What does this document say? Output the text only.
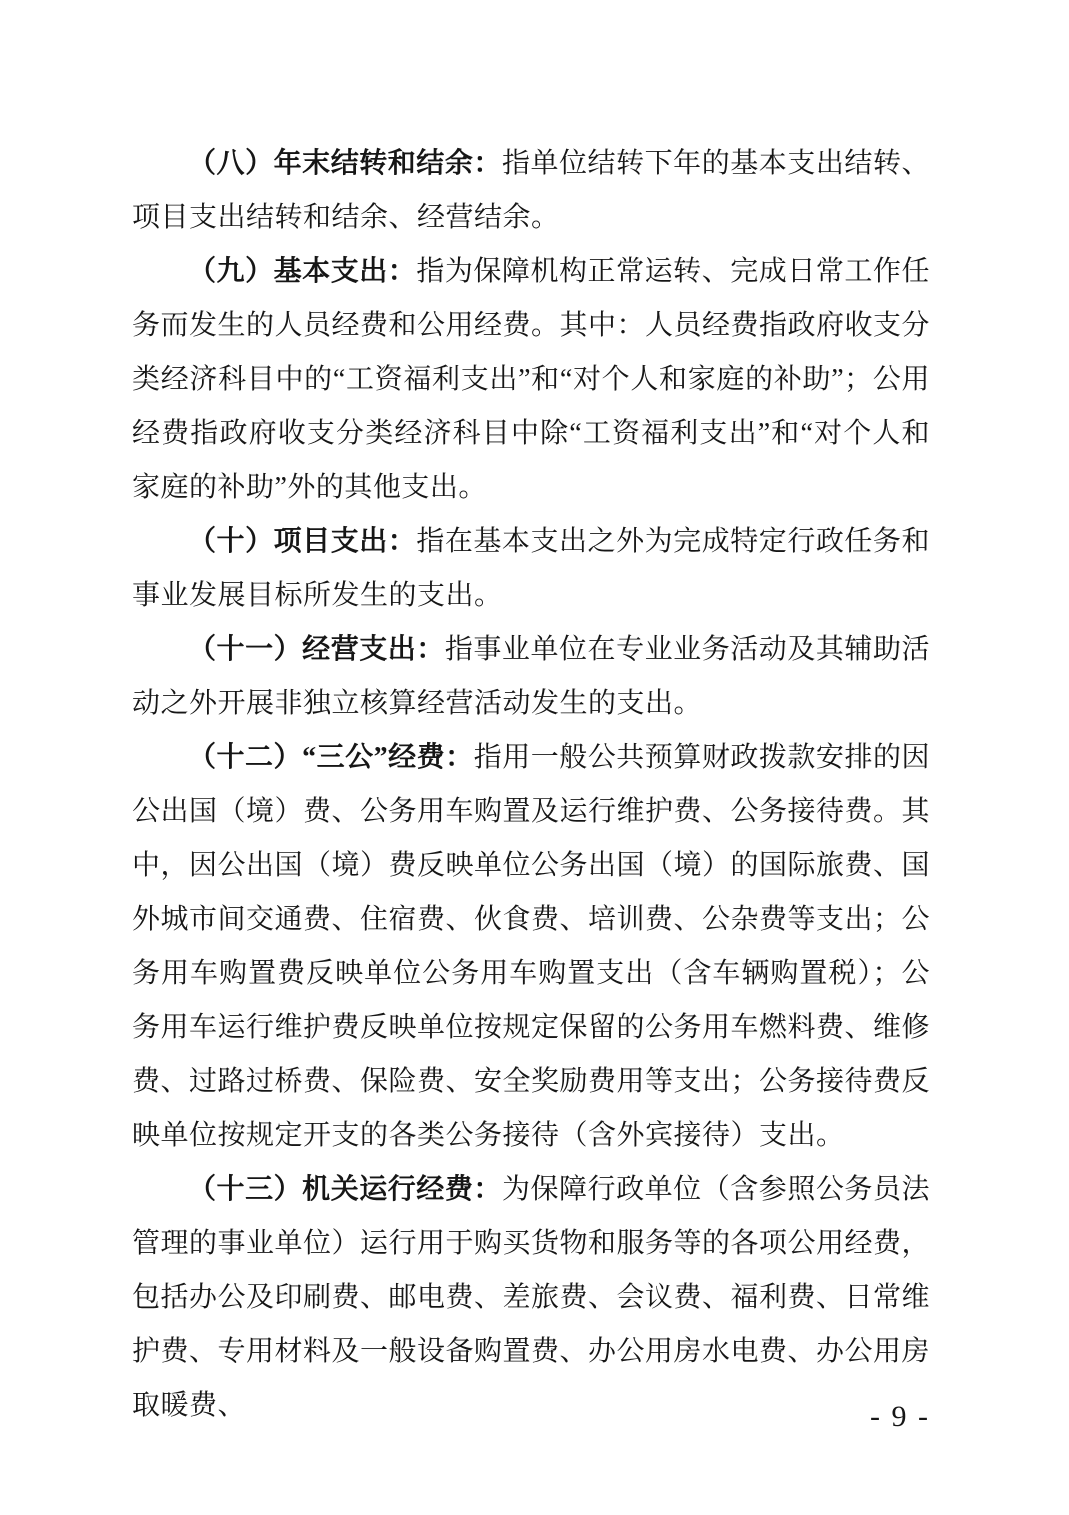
（八）年末结转和结余：指单位结转下年的基本支出结转、项目支出结转和结余、经营结余。

（九）基本支出：指为保障机构正常运转、完成日常工作任务而发生的人员经费和公用经费。其中：人员经费指政府收支分类经济科目中的“工资福利支出”和“对个人和家庭的补助”；公用经费指政府收支分类经济科目中除“工资福利支出”和“对个人和家庭的补助”外的其他支出。

（十）项目支出：指在基本支出之外为完成特定行政任务和事业发展目标所发生的支出。

（十一）经营支出：指事业单位在专业业务活动及其辅助活动之外开展非独立核算经营活动发生的支出。

（十二）“三公”经费：指用一般公共预算财政拨款安排的因公出国（境）费、公务用车购置及运行维护费、公务接待费。其中，因公出国（境）费反映单位公务出国（境）的国际旅费、国外城市间交通费、住宿费、伙食费、培训费、公杂费等支出；公务用车购置费反映单位公务用车购置支出（含车辆购置税）；公务用车运行维护费反映单位按规定保留的公务用车燃料费、维修费、过路过桥费、保险费、安全奖励费用等支出；公务接待费反映单位按规定开支的各类公务接待（含外宾接待）支出。

（十三）机关运行经费：为保障行政单位（含参照公务员法管理的事业单位）运行用于购买货物和服务等的各项公用经费，包括办公及印刷费、邮电费、差旅费、会议费、福利费、日常维护费、专用材料及一般设备购置费、办公用房水电费、办公用房取暖费、	- 9 -
